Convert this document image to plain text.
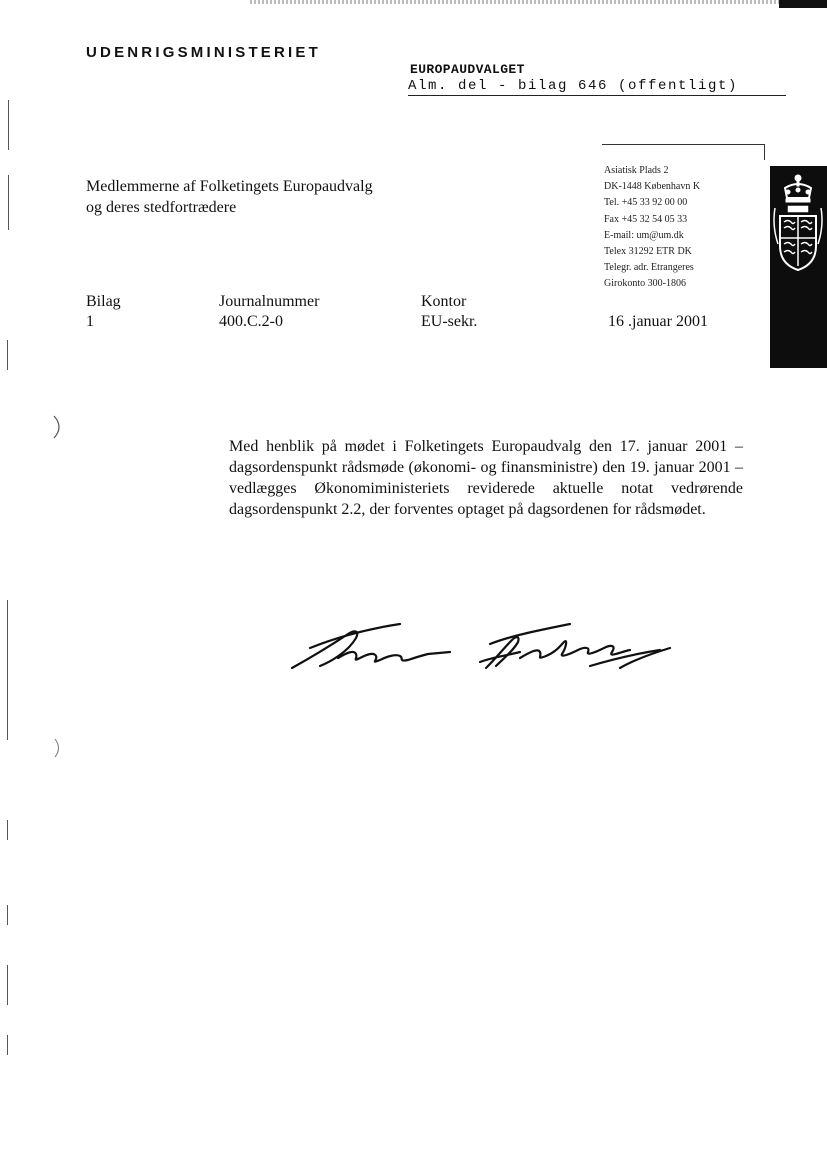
UDENRIGSMINISTERIET
EUROPAUDVALGET
Alm. del - bilag 646 (offentligt)
Asiatisk Plads 2
DK-1448 København K
Tel. +45 33 92 00 00
Fax +45 32 54 05 33
E-mail: um@um.dk
Telex 31292 ETR DK
Telegr. adr. Etrangeres
Girokonto 300-1806
Medlemmerne af Folketingets Europaudvalg
og deres stedfortrædere
Bilag
1
Journalnummer
400.C.2-0
Kontor
EU-sekr.	16 .januar 2001
Med henblik på mødet i Folketingets Europaudvalg den 17. januar 2001 – dagsordenspunkt rådsmøde (økonomi- og finansministre) den 19. januar 2001 – vedlægges Økonomiministeriets reviderede aktuelle notat vedrørende dagsordenspunkt 2.2, der forventes optaget på dagsordenen for rådsmødet.
